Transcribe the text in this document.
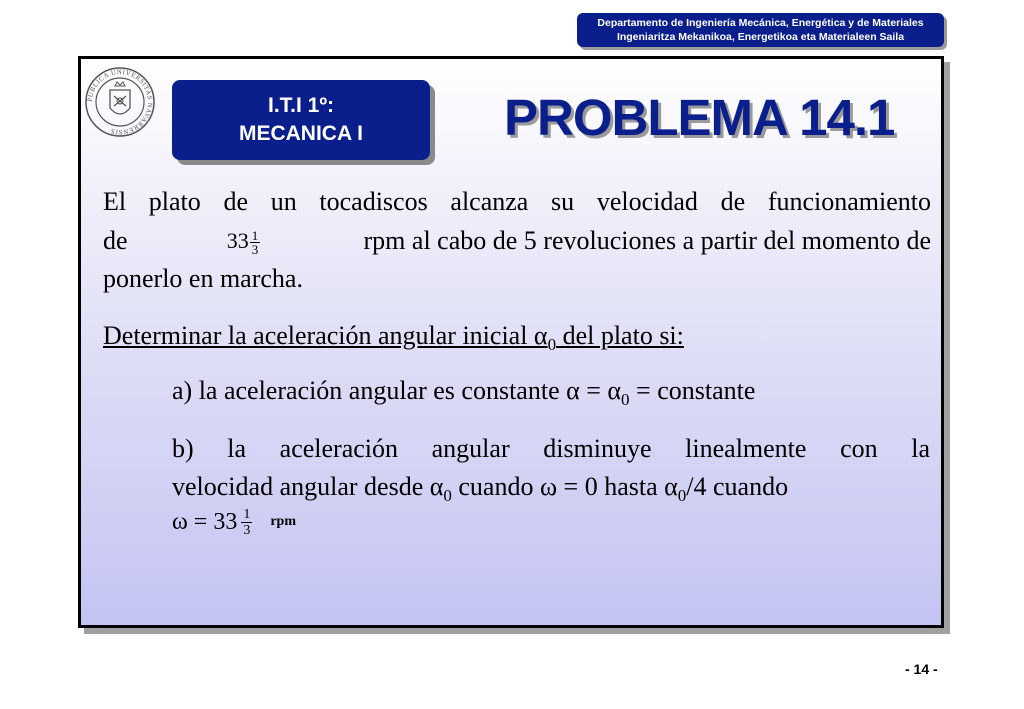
Departamento de Ingeniería Mecánica, Energética y de Materiales
Ingeniaritza Mekanikoa, Energetikoa eta Materialeen Saila
PUBLICA UNIVERSITAS NAVARRENSIS
I.T.I 1º:
MECANICA I	PROBLEMA 14.1
El plato de un tocadiscos alcanza su velocidad de funcionamiento
de	$33 \frac{1}{3}$	rpm al cabo de 5 revoluciones a partir del momento de
ponerlo en marcha.
Determinar la aceleración angular inicial $\alpha_0$ del plato si:
a) la aceleración angular es constante $\alpha = \alpha_0$ = constante
b) la aceleración angular disminuye linealmente con la
velocidad angular desde $\alpha_0$ cuando ω = 0 hasta $\alpha_0/4$ cuando
$\omega = 33 \frac{1}{3}$ rpm
- 14 -
